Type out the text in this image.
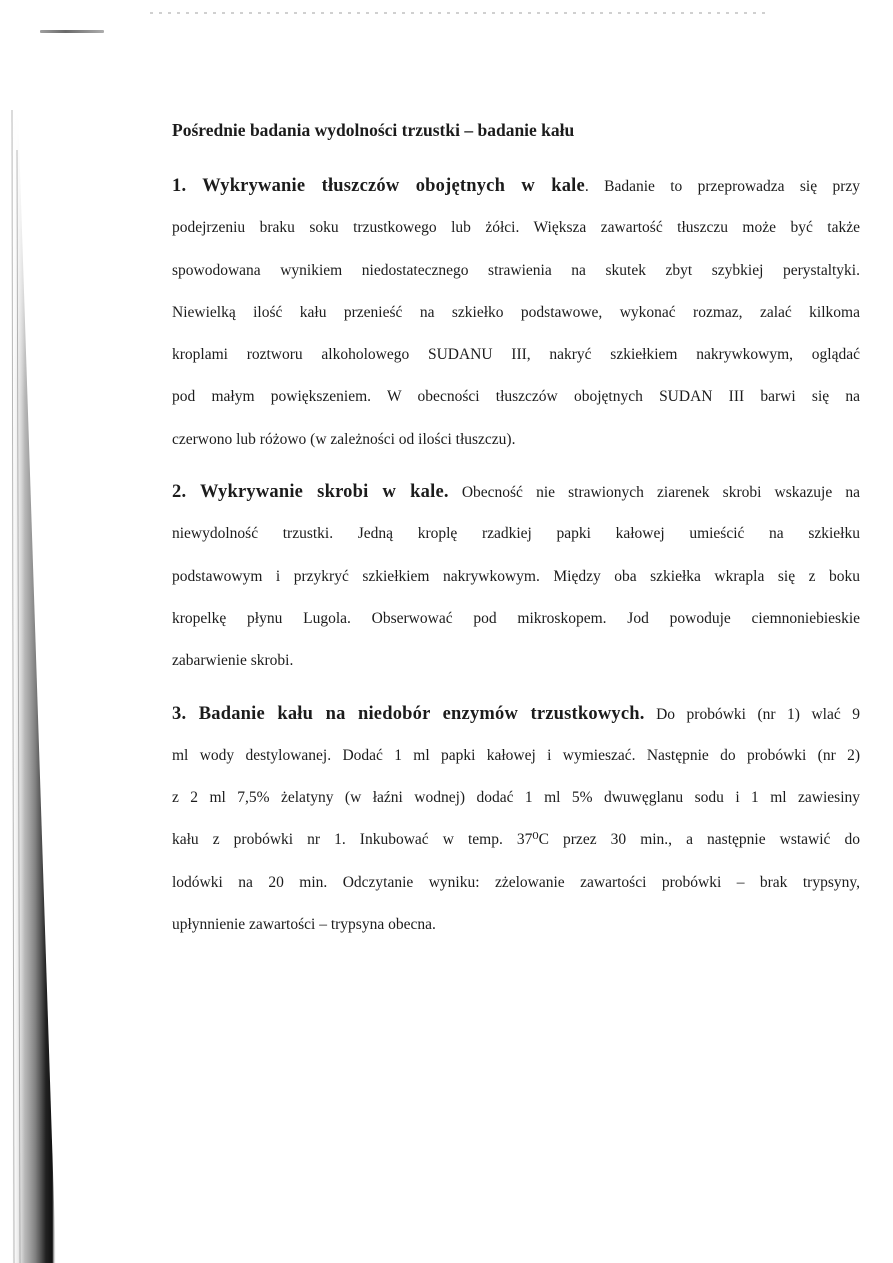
Pośrednie badania wydolności trzustki – badanie kału
1. Wykrywanie tłuszczów obojętnych w kale. Badanie to przeprowadza się przy
podejrzeniu braku soku trzustkowego lub żółci. Większa zawartość tłuszczu może być także
spowodowana wynikiem niedostatecznego strawienia na skutek zbyt szybkiej perystaltyki.
Niewielką ilość kału przenieść na szkiełko podstawowe, wykonać rozmaz, zalać kilkoma
kroplami roztworu alkoholowego SUDANU III, nakryć szkiełkiem nakrywkowym, oglądać
pod małym powiększeniem. W obecności tłuszczów obojętnych SUDAN III barwi się na
czerwono lub różowo (w zależności od ilości tłuszczu).
2. Wykrywanie skrobi w kale. Obecność nie strawionych ziarenek skrobi wskazuje na
niewydolność trzustki. Jedną kroplę rzadkiej papki kałowej umieścić na szkiełku
podstawowym i przykryć szkiełkiem nakrywkowym. Między oba szkiełka wkrapla się z boku
kropelkę płynu Lugola. Obserwować pod mikroskopem. Jod powoduje ciemnoniebieskie
zabarwienie skrobi.
3. Badanie kału na niedobór enzymów trzustkowych. Do probówki (nr 1) wlać 9
ml wody destylowanej. Dodać 1 ml papki kałowej i wymieszać. Następnie do probówki (nr 2)
z 2 ml 7,5% żelatyny (w łaźni wodnej) dodać 1 ml 5% dwuwęglanu sodu i 1 ml zawiesiny
kału z probówki nr 1. Inkubować w temp. 37⁰C przez 30 min., a następnie wstawić do
lodówki na 20 min. Odczytanie wyniku: zżelowanie zawartości probówki – brak trypsyny,
upłynnienie zawartości – trypsyna obecna.
